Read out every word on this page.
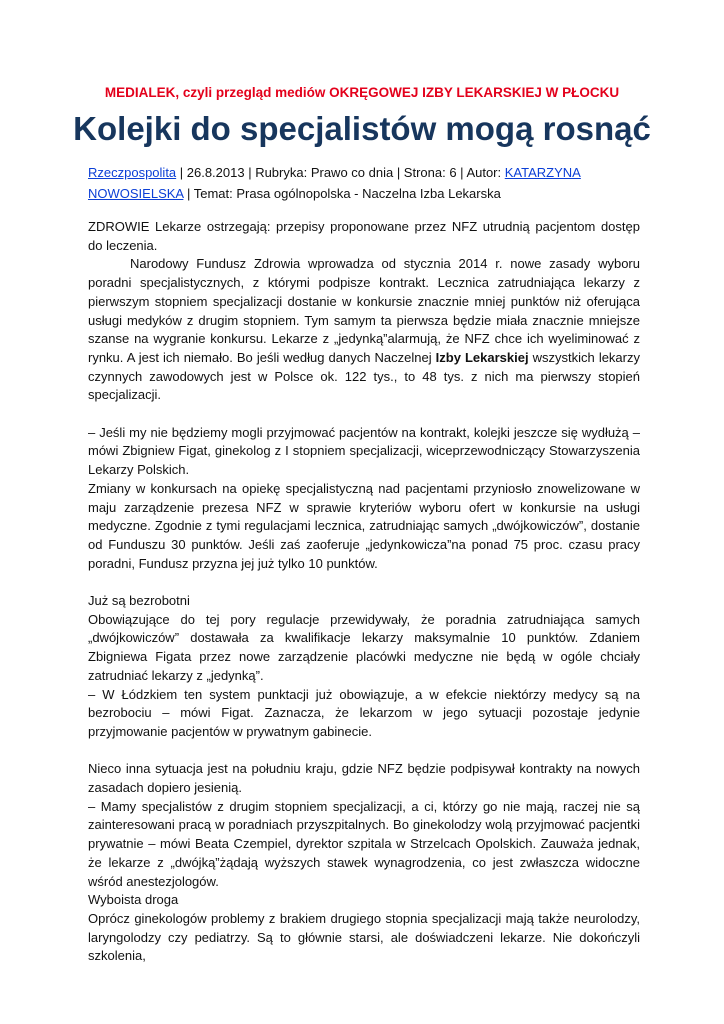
MEDIALEK, czyli przegląd mediów OKRĘGOWEJ IZBY LEKARSKIEJ W PŁOCKU
Kolejki do specjalistów mogą rosnąć
Rzeczpospolita | 26.8.2013 | Rubryka: Prawo co dnia | Strona: 6 | Autor: KATARZYNA NOWOSIELSKA | Temat: Prasa ogólnopolska - Naczelna Izba Lekarska

ZDROWIE Lekarze ostrzegają: przepisy proponowane przez NFZ utrudnią pacjentom dostęp do leczenia.

Narodowy Fundusz Zdrowia wprowadza od stycznia 2014 r. nowe zasady wyboru poradni specjalistycznych, z którymi podpisze kontrakt. Lecznica zatrudniająca lekarzy z pierwszym stopniem specjalizacji dostanie w konkursie znacznie mniej punktów niż oferująca usługi medyków z drugim stopniem. Tym samym ta pierwsza będzie miała znacznie mniejsze szanse na wygranie konkursu. Lekarze z „jedynką”alarmują, że NFZ chce ich wyeliminować z rynku. A jest ich niemało. Bo jeśli według danych Naczelnej Izby Lekarskiej wszystkich lekarzy czynnych zawodowych jest w Polsce ok. 122 tys., to 48 tys. z nich ma pierwszy stopień specjalizacji.

– Jeśli my nie będziemy mogli przyjmować pacjentów na kontrakt, kolejki jeszcze się wydłużą – mówi Zbigniew Figat, ginekolog z I stopniem specjalizacji, wiceprzewodniczący Stowarzyszenia Lekarzy Polskich.

Zmiany w konkursach na opiekę specjalistyczną nad pacjentami przyniosło znowelizowane w maju zarządzenie prezesa NFZ w sprawie kryteriów wyboru ofert w konkursie na usługi medyczne. Zgodnie z tymi regulacjami lecznica, zatrudniając samych „dwójkowiczów”, dostanie od Funduszu 30 punktów. Jeśli zaś zaoferuje „jedynkowicza”na ponad 75 proc. czasu pracy poradni, Fundusz przyzna jej już tylko 10 punktów.

Już są bezrobotni

Obowiązujące do tej pory regulacje przewidywały, że poradnia zatrudniająca samych „dwójkowiczów” dostawała za kwalifikacje lekarzy maksymalnie 10 punktów. Zdaniem Zbigniewa Figata przez nowe zarządzenie placówki medyczne nie będą w ogóle chciały zatrudniać lekarzy z „jedynką”.

– W Łódzkiem ten system punktacji już obowiązuje, a w efekcie niektórzy medycy są na bezrobociu – mówi Figat. Zaznacza, że lekarzom w jego sytuacji pozostaje jedynie przyjmowanie pacjentów w prywatnym gabinecie.

Nieco inna sytuacja jest na południu kraju, gdzie NFZ będzie podpisywał kontrakty na nowych zasadach dopiero jesienią.

– Mamy specjalistów z drugim stopniem specjalizacji, a ci, którzy go nie mają, raczej nie są zainteresowani pracą w poradniach przyszpitalnych. Bo ginekolodzy wolą przyjmować pacjentki prywatnie – mówi Beata Czempiel, dyrektor szpitala w Strzelcach Opolskich. Zauważa jednak, że lekarze z „dwójką”żądają wyższych stawek wynagrodzenia, co jest zwłaszcza widoczne wśród anestezjologów.

Wyboista droga

Oprócz ginekologów problemy z brakiem drugiego stopnia specjalizacji mają także neurolodzy, laryngolodzy czy pediatrzy. Są to głównie starsi, ale doświadczeni lekarze. Nie dokończyli szkolenia,
